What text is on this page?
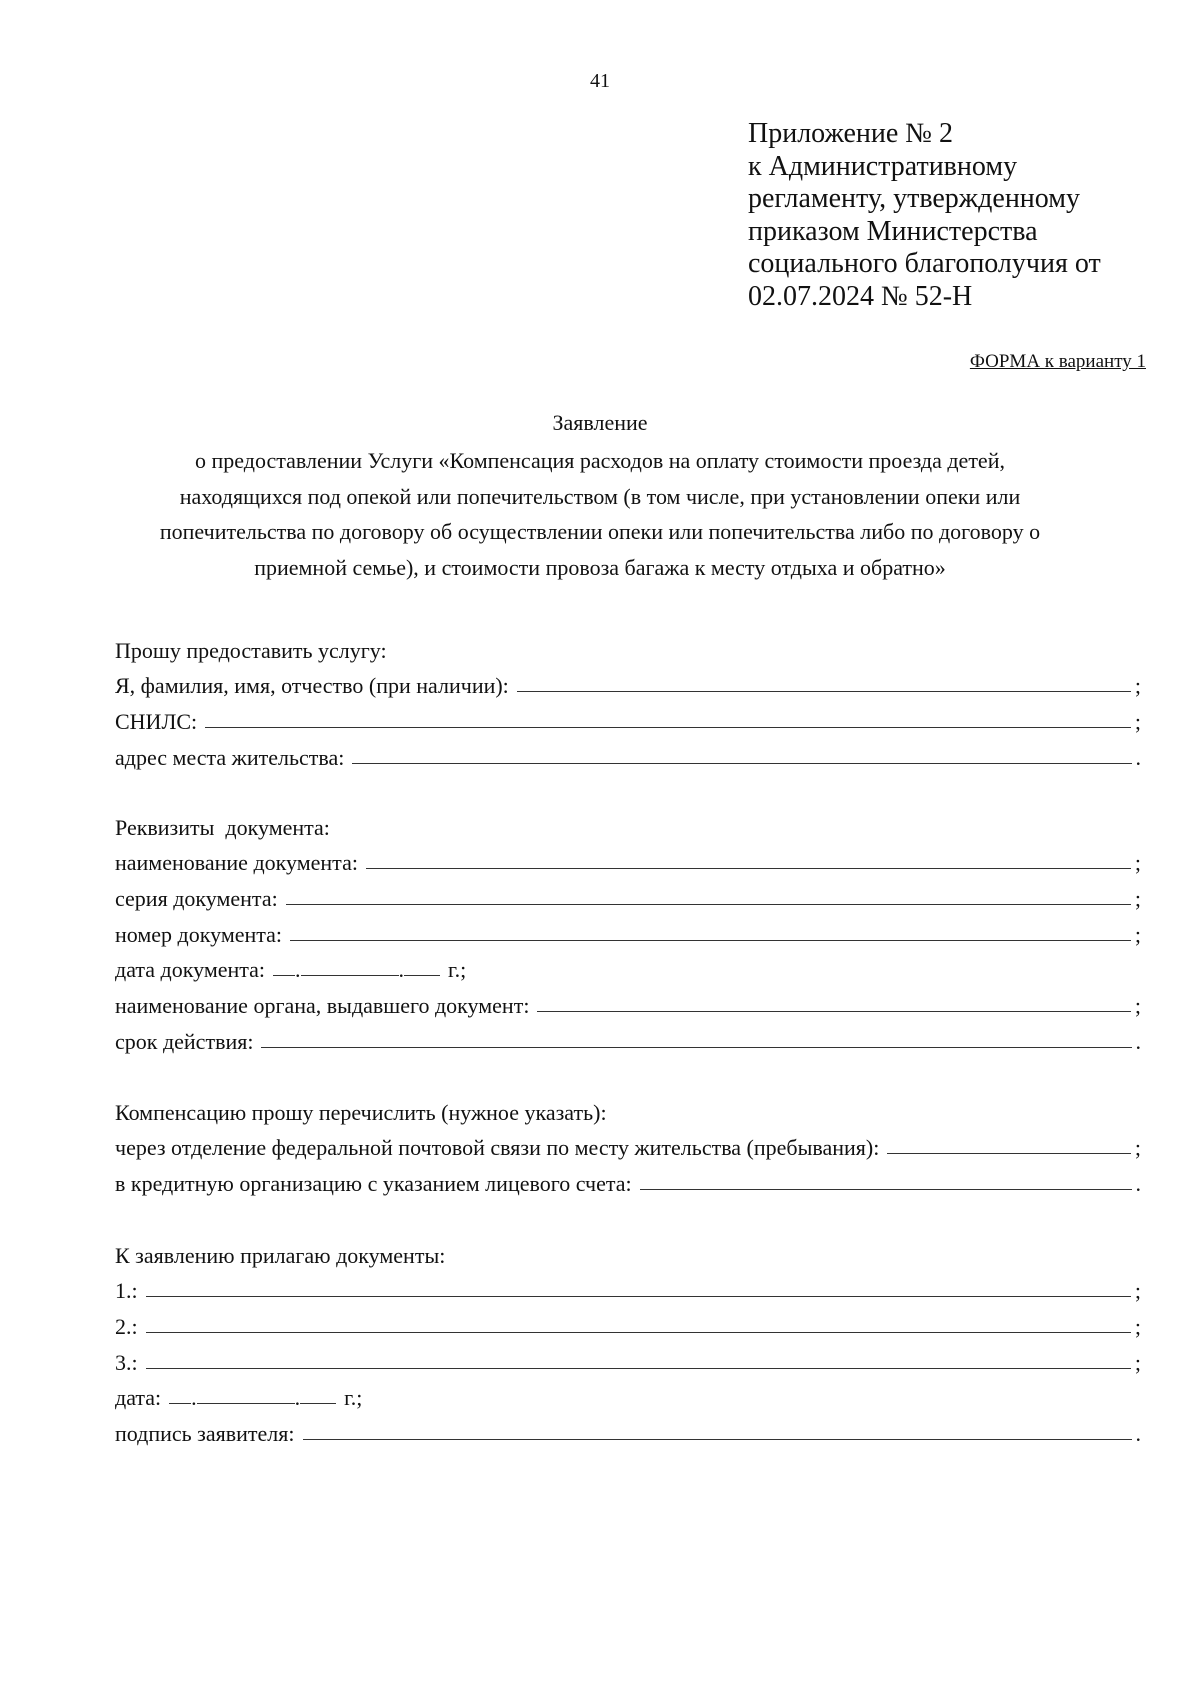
41
Приложение № 2
к Административному
регламенту, утвержденному
приказом Министерства
социального благополучия от
02.07.2024 № 52-Н
ФОРМА к варианту 1
Заявление
о предоставлении Услуги «Компенсация расходов на оплату стоимости проезда детей,
находящихся под опекой или попечительством (в том числе, при установлении опеки или
попечительства по договору об осуществлении опеки или попечительства либо по договору о
приемной семье), и стоимости провоза багажа к месту отдыха и обратно»
Прошу предоставить услугу:
Я, фамилия, имя, отчество (при наличии):	;
СНИЛС:	;
адрес места жительства:	.
Реквизиты  документа:
наименование документа:	;
серия документа:	;
номер документа:	;
дата документа: .	. г.;
наименование органа, выдавшего документ:	;
срок действия:	.
Компенсацию прошу перечислить (нужное указать):
через отделение федеральной почтовой связи по месту жительства (пребывания):	;
в кредитную организацию с указанием лицевого счета:	.
К заявлению прилагаю документы:
1.:	;
2.:	;
3.:	;
дата: .	. г.;
подпись заявителя:	.
